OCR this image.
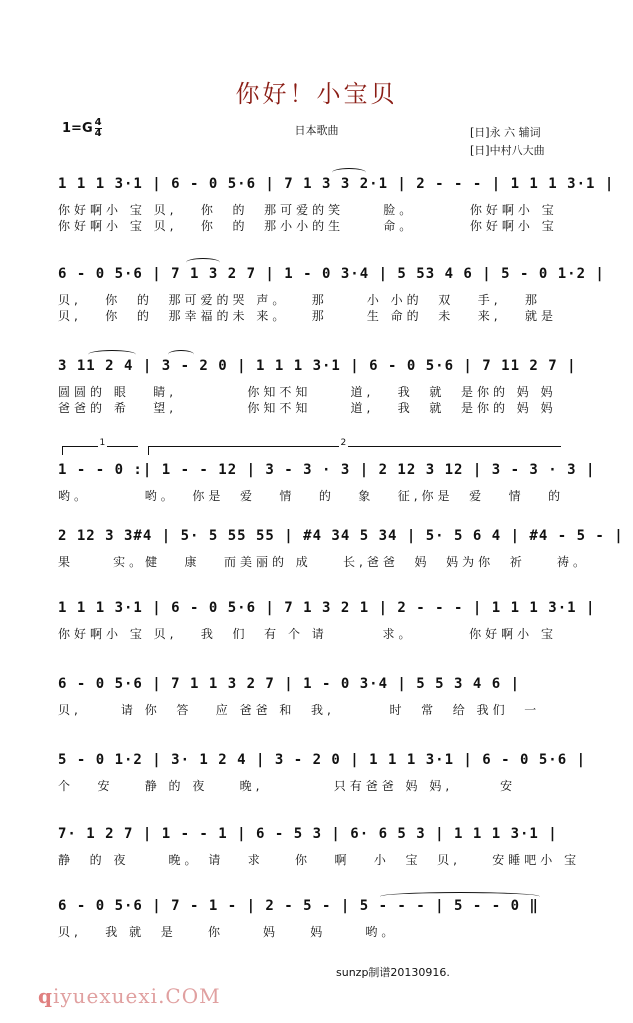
你好！小宝贝
$1=G \frac{4}{4}$	日本歌曲	[日]永 六 辅词
[日]中村八大曲
1	2
1 1 1 3·1 | 6 - 0 5·6 | 7 1 3 3 2·1 | 2 - - - | 1 1 1 3·1 |
你好啊小 宝 贝,   你  的  那可爱的笑     脸。       你好啊小 宝
你好啊小 宝 贝,   你  的  那小小的生     命。       你好啊小 宝
6 - 0 5·6 | 7 1 3 2 7 | 1 - 0 3·4 | 5 53 4 6 | 5 - 0 1·2 |
贝,   你  的  那可爱的哭 声。   那     小 小的  双   手,   那
贝,   你  的  那幸福的未 来。   那     生 命的  未   来,   就是
3 11 2 4 | 3 - 2 0 | 1 1 1 3·1 | 6 - 0 5·6 | 7 11 2 7 |
圆圆的 眼   睛,         你知不知     道,   我  就  是你的 妈 妈
爸爸的 希   望,         你知不知     道,   我  就  是你的 妈 妈
1 - - 0 :| 1 - - 12 | 3 - 3 · 3 | 2 12 3 12 | 3 - 3 · 3 |
哟。       哟。  你是  爱   情   的   象   征,你是  爱   情   的
2 12 3 3#4 | 5· 5 55 55 | #4 34 5 34 | 5· 5 6 4 | #4 - 5 - |
果     实。健   康   而美丽的 成    长,爸爸  妈  妈为你  祈    祷。
1 1 1 3·1 | 6 - 0 5·6 | 7 1 3 2 1 | 2 - - - | 1 1 1 3·1 |
你好啊小 宝 贝,   我  们  有 个 请       求。       你好啊小 宝
6 - 0 5·6 | 7 1 1 3 2 7 | 1 - 0 3·4 | 5 5 3 4 6 |
贝,     请 你  答   应 爸爸 和  我,       时  常  给 我们  一
5 - 0 1·2 | 3· 1 2 4 | 3 - 2 0 | 1 1 1 3·1 | 6 - 0 5·6 |
个   安    静 的 夜    晚,         只有爸爸 妈 妈,      安
7· 1 2 7 | 1 - - 1 | 6 - 5 3 | 6· 6 5 3 | 1 1 1 3·1 |
静  的 夜     晚。 请   求    你   啊   小  宝  贝,    安睡吧小 宝
6 - 0 5·6 | 7 - 1 - | 2 - 5 - | 5 - - - | 5 - - 0 ‖
贝,   我 就  是    你     妈    妈     哟。
sunzp制谱20130916.
qiyuexuexi.COM
